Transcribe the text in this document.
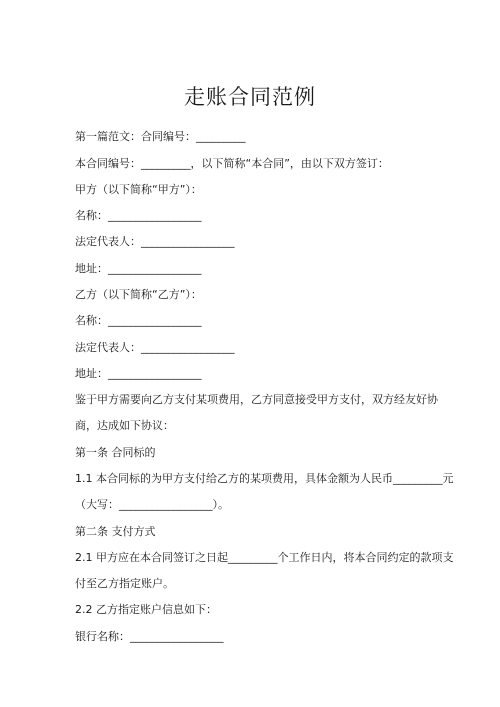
走账合同范例
第一篇范文：合同编号：_________
本合同编号：_________，以下简称“本合同”，由以下双方签订：
甲方（以下简称“甲方”）：
名称：_________________
法定代表人：_________________
地址：_________________
乙方（以下简称“乙方”）：
名称：_________________
法定代表人：_________________
地址：_________________
鉴于甲方需要向乙方支付某项费用，乙方同意接受甲方支付，双方经友好协
商，达成如下协议：
第一条 合同标的
1.1 本合同标的为甲方支付给乙方的某项费用，具体金额为人民币_________元
（大写：_________________）。
第二条 支付方式
2.1 甲方应在本合同签订之日起_________个工作日内，将本合同约定的款项支
付至乙方指定账户。
2.2 乙方指定账户信息如下：
银行名称：_________________
